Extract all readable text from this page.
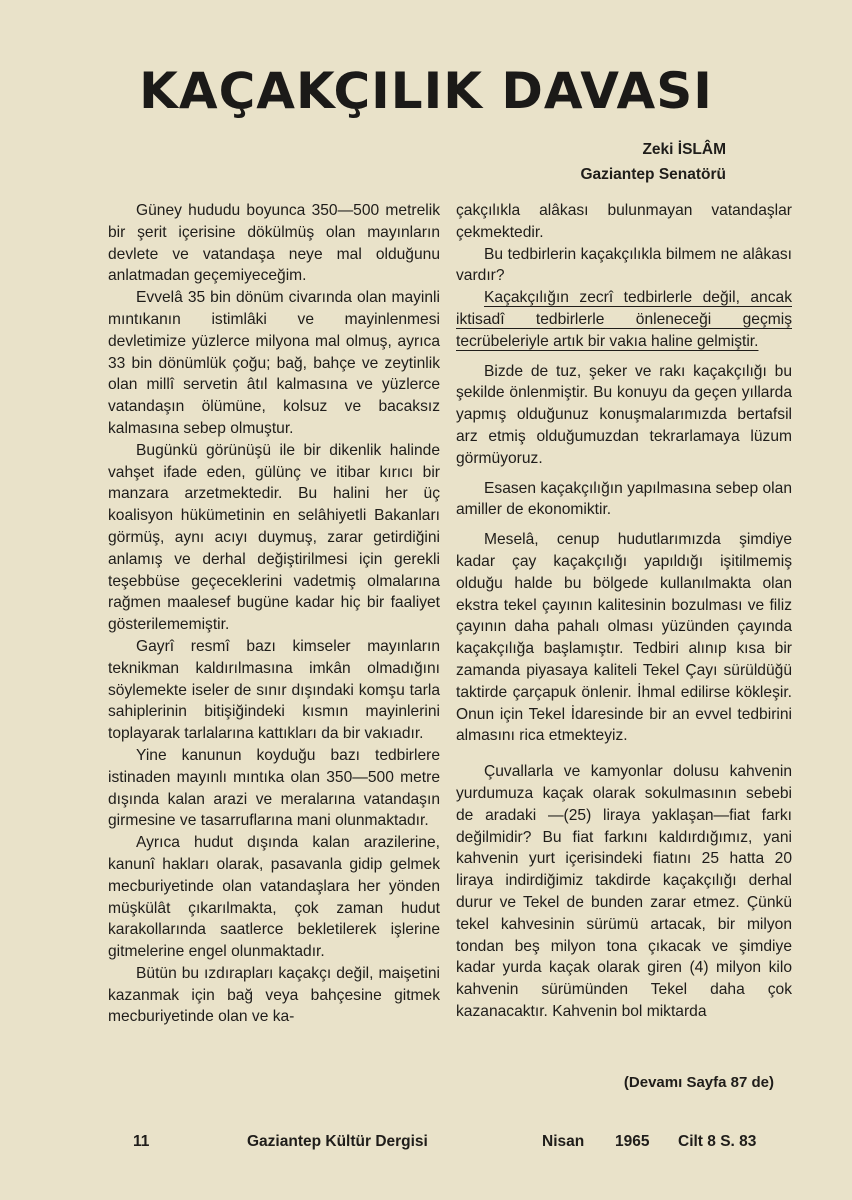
KAÇAKÇILIK DAVASI
Zeki İSLÂM
Gaziantep Senatörü

Güney hududu boyunca 350—500 metrelik bir şerit içerisine dökülmüş olan mayınların devlete ve vatandaşa neye mal olduğunu anlatmadan geçemiyeceğim.

Evvelâ 35 bin dönüm civarında olan mayinli mıntıkanın istimlâki ve mayinlenmesi devletimize yüzlerce milyona mal olmuş, ayrıca 33 bin dönümlük çoğu; bağ, bahçe ve zeytinlik olan millî servetin âtıl kalmasına ve yüzlerce vatandaşın ölümüne, kolsuz ve bacaksız kalmasına sebep olmuştur.

Bugünkü görünüşü ile bir dikenlik halinde vahşet ifade eden, gülünç ve itibar kırıcı bir manzara arzetmektedir. Bu halini her üç koalisyon hükümetinin en selâhiyetli Bakanları görmüş, aynı acıyı duymuş, zarar getirdiğini anlamış ve derhal değiştirilmesi için gerekli teşebbüse geçeceklerini vadetmiş olmalarına rağmen maalesef bugüne kadar hiç bir faaliyet gösterilememiştir.

Gayrî resmî bazı kimseler mayınların teknikman kaldırılmasına imkân olmadığını söylemekte iseler de sınır dışındaki komşu tarla sahiplerinin bitişiğindeki kısmın mayinlerini toplayarak tarlalarına kattıkları da bir vakıadır.

Yine kanunun koyduğu bazı tedbirlere istinaden mayınlı mıntıka olan 350—500 metre dışında kalan arazi ve meralarına vatandaşın girmesine ve tasarruflarına mani olunmaktadır.

Ayrıca hudut dışında kalan arazilerine, kanunî hakları olarak, pasavanla gidip gelmek mecburiyetinde olan vatandaşlara her yönden müşkülât çıkarılmakta, çok zaman hudut karakollarında saatlerce bekletilerek işlerine gitmelerine engel olunmaktadır.

Bütün bu ızdırapları kaçakçı değil, maişetini kazanmak için bağ veya bahçesine gitmek mecburiyetinde olan ve ka-

çakçılıkla alâkası bulunmayan vatandaşlar çekmektedir.

Bu tedbirlerin kaçakçılıkla bilmem ne alâkası vardır?

Kaçakçılığın zecrî tedbirlerle değil, ancak iktisadî tedbirlerle önleneceği geçmiş tecrübeleriyle artık bir vakıa haline gelmiştir.

Bizde de tuz, şeker ve rakı kaçakçılığı bu şekilde önlenmiştir. Bu konuyu da geçen yıllarda yapmış olduğunuz konuşmalarımızda bertafsil arz etmiş olduğumuzdan tekrarlamaya lüzum görmüyoruz.

Esasen kaçakçılığın yapılmasına sebep olan amiller de ekonomiktir.

Meselâ, cenup hudutlarımızda şimdiye kadar çay kaçakçılığı yapıldığı işitilmemiş olduğu halde bu bölgede kullanılmakta olan ekstra tekel çayının kalitesinin bozulması ve filiz çayının daha pahalı olması yüzünden çayında kaçakçılığa başlamıştır. Tedbiri alınıp kısa bir zamanda piyasaya kaliteli Tekel Çayı sürüldüğü taktirde çarçapuk önlenir. İhmal edilirse kökleşir. Onun için Tekel İdaresinde bir an evvel tedbirini almasını rica etmekteyiz.

Çuvallarla ve kamyonlar dolusu kahvenin yurdumuza kaçak olarak sokulmasının sebebi de aradaki —(25) liraya yaklaşan—fiat farkı değilmidir? Bu fiat farkını kaldırdığımız, yani kahvenin yurt içerisindeki fiatını 25 hatta 20 liraya indirdiğimiz takdirde kaçakçılığı derhal durur ve Tekel de bunden zarar etmez. Çünkü tekel kahvesinin sürümü artacak, bir milyon tondan beş milyon tona çıkacak ve şimdiye kadar yurda kaçak olarak giren (4) milyon kilo kahvenin sürümünden Tekel daha çok kazanacaktır. Kahvenin bol miktarda

(Devamı Sayfa 87 de)
11	Gaziantep Kültür Dergisi	Nisan 1965 Cilt 8 S. 83
